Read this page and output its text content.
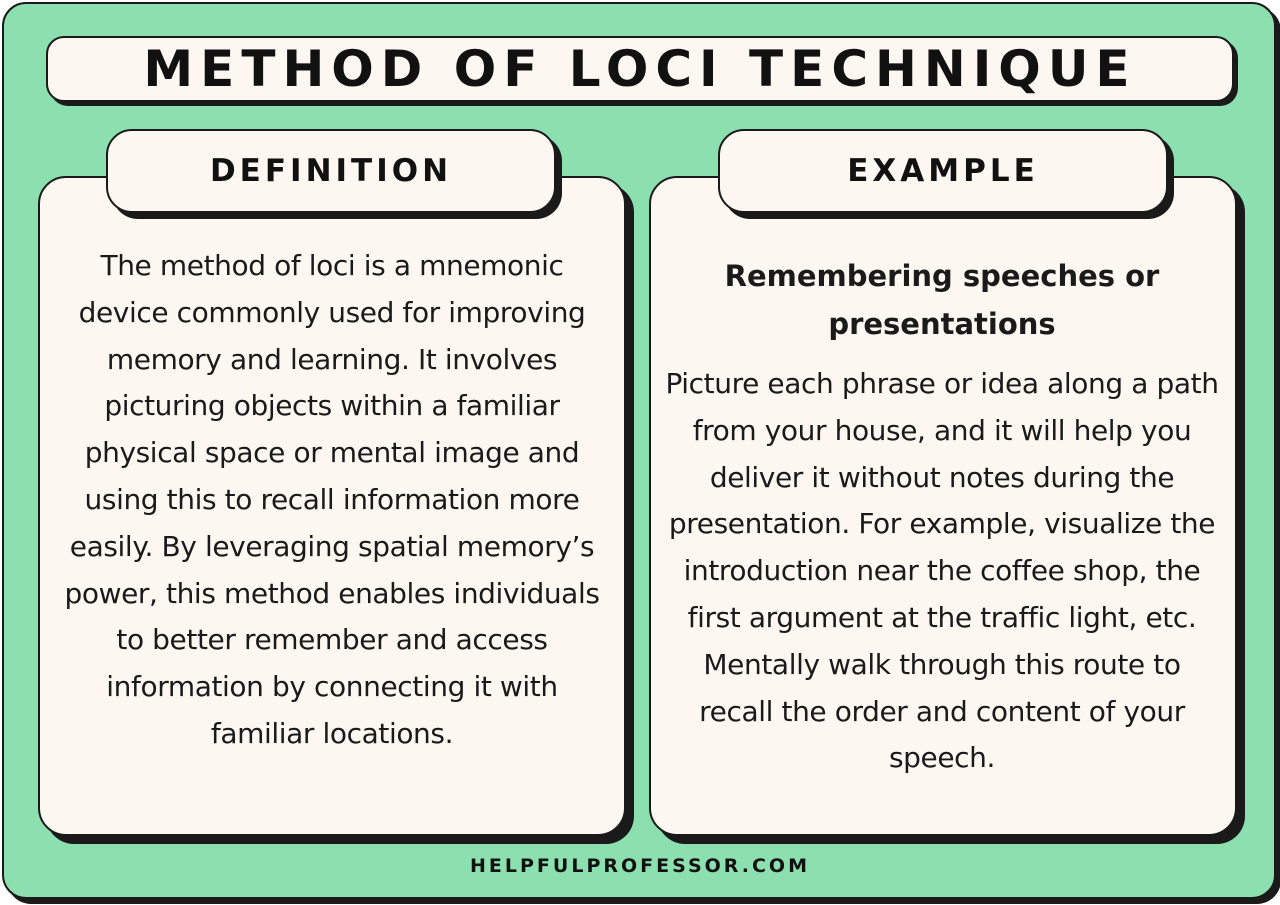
METHOD OF LOCI TECHNIQUE
DEFINITION	EXAMPLE
The method of loci is a mnemonic device commonly used for improving memory and learning. It involves picturing objects within a familiar physical space or mental image and using this to recall information more easily. By leveraging spatial memory’s power, this method enables individuals to better remember and access information by connecting it with familiar locations.
Remembering speeches or presentations
Picture each phrase or idea along a path from your house, and it will help you deliver it without notes during the presentation. For example, visualize the introduction near the coffee shop, the first argument at the traffic light, etc. Mentally walk through this route to recall the order and content of your speech.
HELPFULPROFESSOR.COM
